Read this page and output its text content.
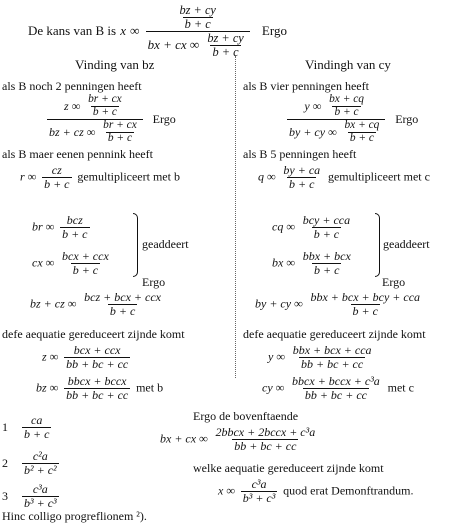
De kans van B is x ∞ $\frac{\frac{bz + cy}{b + c}}{bx + cx \infty \frac{bz + cy}{b + c}}$ Ergo
Vinding van bz
als B noch 2 penningen heeft
$\frac{z \infty \frac{br + cx}{b + c}}{bz + cz \infty \frac{br + cx}{b + c}}$ Ergo
als B maer eenen pennink heeft
r ∞ $\frac{cz}{b + c}$ gemultipliceert met b
br ∞ $\frac{\text{bcz}}{b + c}$
cx ∞ $\frac{\text{bcx + ccx}}{b + c}$
geaddeert
Ergo
bz + cz ∞ $\frac{\text{bcz + bcx + ccx}}{b + c}$
defe aequatie gereduceert zijnde komt
z ∞ $\frac{\text{bcx + ccx}}{bb + bc + cc}$
bz ∞ $\frac{\text{bbcx + bccx}}{bb + bc + cc}$ met b
Vindingh van cy
als B vier penningen heeft
$\frac{y \infty \frac{bx + cq}{b + c}}{by + cy \infty \frac{bx + cq}{b + c}}$ Ergo
als B 5 penningen heeft
q ∞ $\frac{by + ca}{b + c}$ gemultipliceert met c
cq ∞ $\frac{\text{bcy + cca}}{b + c}$
bx ∞ $\frac{\text{bbx + bcx}}{b + c}$
geaddeert
Ergo
by + cy ∞ $\frac{\text{bbx + bcx + bcy + cca}}{b + c}$
defe aequatie gereduceert zijnde komt
y ∞ $\frac{\text{bbx + bcx + cca}}{bb + bc + cc}$
cy ∞ $\frac{\text{bbcx + bccx + c³a}}{bb + bc + cc}$ met c
Ergo de bovenftaende
bx + cx ∞ $\frac{\text{2bbcx + 2bccx + c³a}}{bb + bc + cc}$
welke aequatie gereduceert zijnde komt
x ∞ $\frac{\text{c³a}}{\text{b³ + c³}}$ quod erat Demonftrandum.
$1 \frac{ca}{b + c}$
$2 \frac{\text{c²a}}{\text{b² + c²}}$
$3 \frac{\text{c³a}}{\text{b³ + c³}}$
Hinc colligo progreflionem ²).
